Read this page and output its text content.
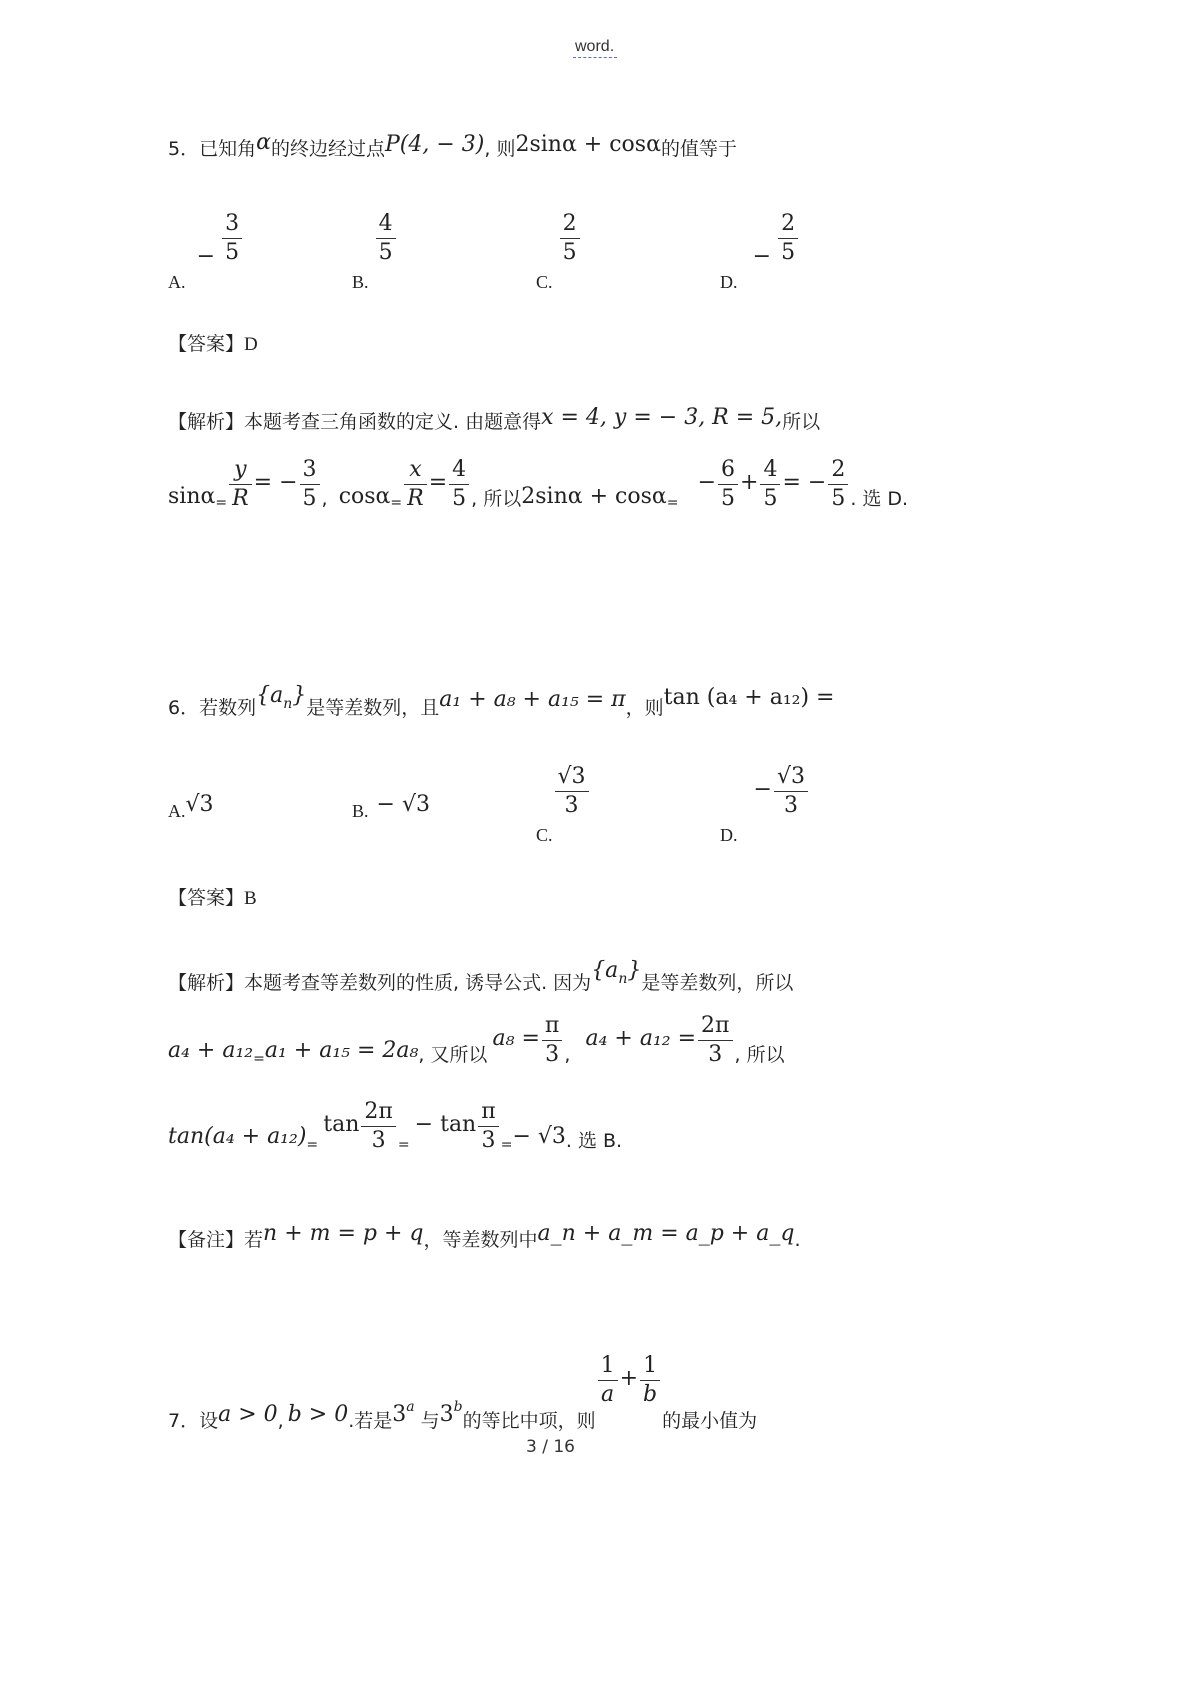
word.
5．已知角α的终边经过点P(4, − 3), 则2sinα + cosα的值等于
A. − $\frac{3}{5}$
B.
$\frac{4}{5}$
C.
$\frac{2}{5}$
D. − $\frac{2}{5}$
【答案】D
【解析】本题考查三角函数的定义. 由题意得x = 4, y = − 3, R = 5,所以
$\sin\alpha= \frac{y}{R}$ = − $\frac{3}{5}$ , $\cos\alpha= \frac{x}{R} = \frac{4}{5}$ , 所以$2\sin\alpha + \cos\alpha= - \frac{6}{5} + \frac{4}{5}$ = − $\frac{2}{5}$ . 选 D.
6．若数列$\{a_n\}$是等差数列，且a₁ + a₈ + a₁₅ = π，则tan (a₄ + a₁₂) =
A.√3	B. − √3
C.
$\frac{√3}{3}$
$D.- \frac{√3}{3}$
【答案】B
【解析】本题考查等差数列的性质, 诱导公式. 因为$\{a_n\}$是等差数列，所以
a₄ + a₁₂=a₁ + a₁₅ = 2a₈, 又所以 $a_8 = \frac{\pi}{3}$ , $a_4 + a_{12} = \frac{2\pi}{3}$ , 所以
$\tan(a_4 + a_{12})= \tan \frac{2\pi}{3}$ = − $\tan \frac{\pi}{3} =- √3$. 选 B.
【备注】若n + m = p + q，等差数列中a_n + a_m = a_p + a_q.
7．设a > 0, b > 0.若是3$^a$与3$^b$的等比中项，则
$\frac{1}{a} + \frac{1}{b}$
的最小值为
3 / 16
